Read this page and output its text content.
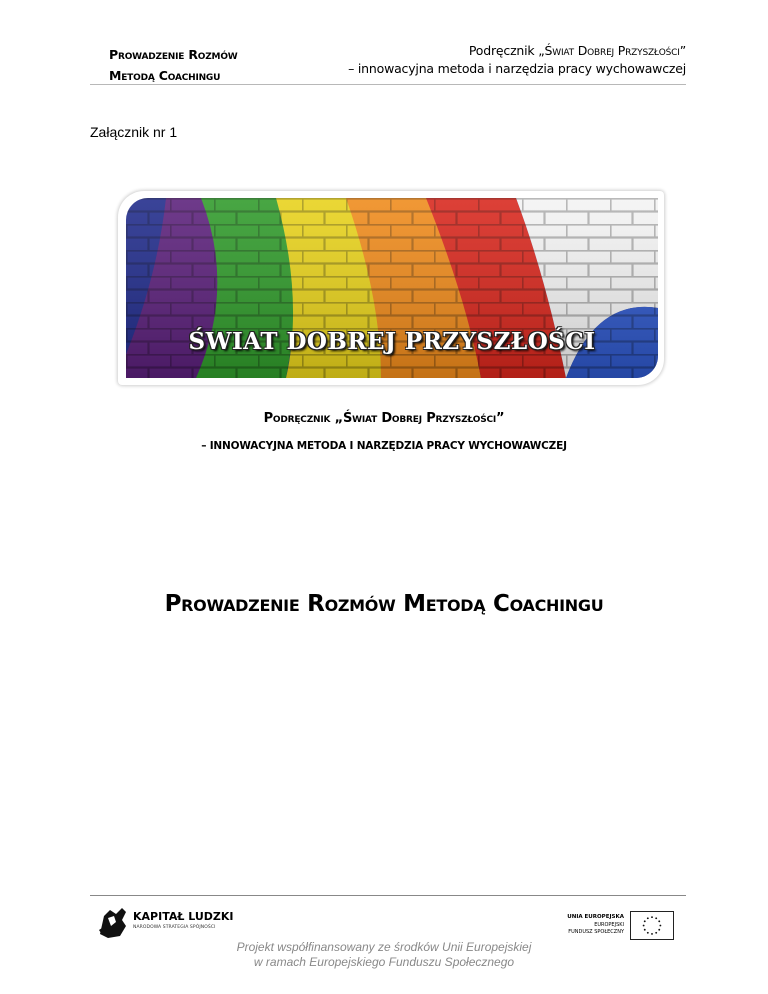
Prowadzenie Rozmów
Metodą Coachingu
Podręcznik „Świat Dobrej Przyszłości”
– innowacyjna metoda i narzędzia pracy wychowawczej
Załącznik nr 1
ŚWIAT DOBREJ PRZYSZŁOŚCI
Podręcznik „Świat Dobrej Przyszłości”
– INNOWACYJNA METODA I NARZĘDZIA PRACY WYCHOWAWCZEJ
Prowadzenie Rozmów Metodą Coachingu
KAPITAŁ LUDZKI
NARODOWA STRATEGIA SPÓJNOŚCI
UNIA EUROPEJSKA
EUROPEJSKI
FUNDUSZ SPOŁECZNY
Projekt współfinansowany ze środków Unii Europejskiej
w ramach Europejskiego Funduszu Społecznego
